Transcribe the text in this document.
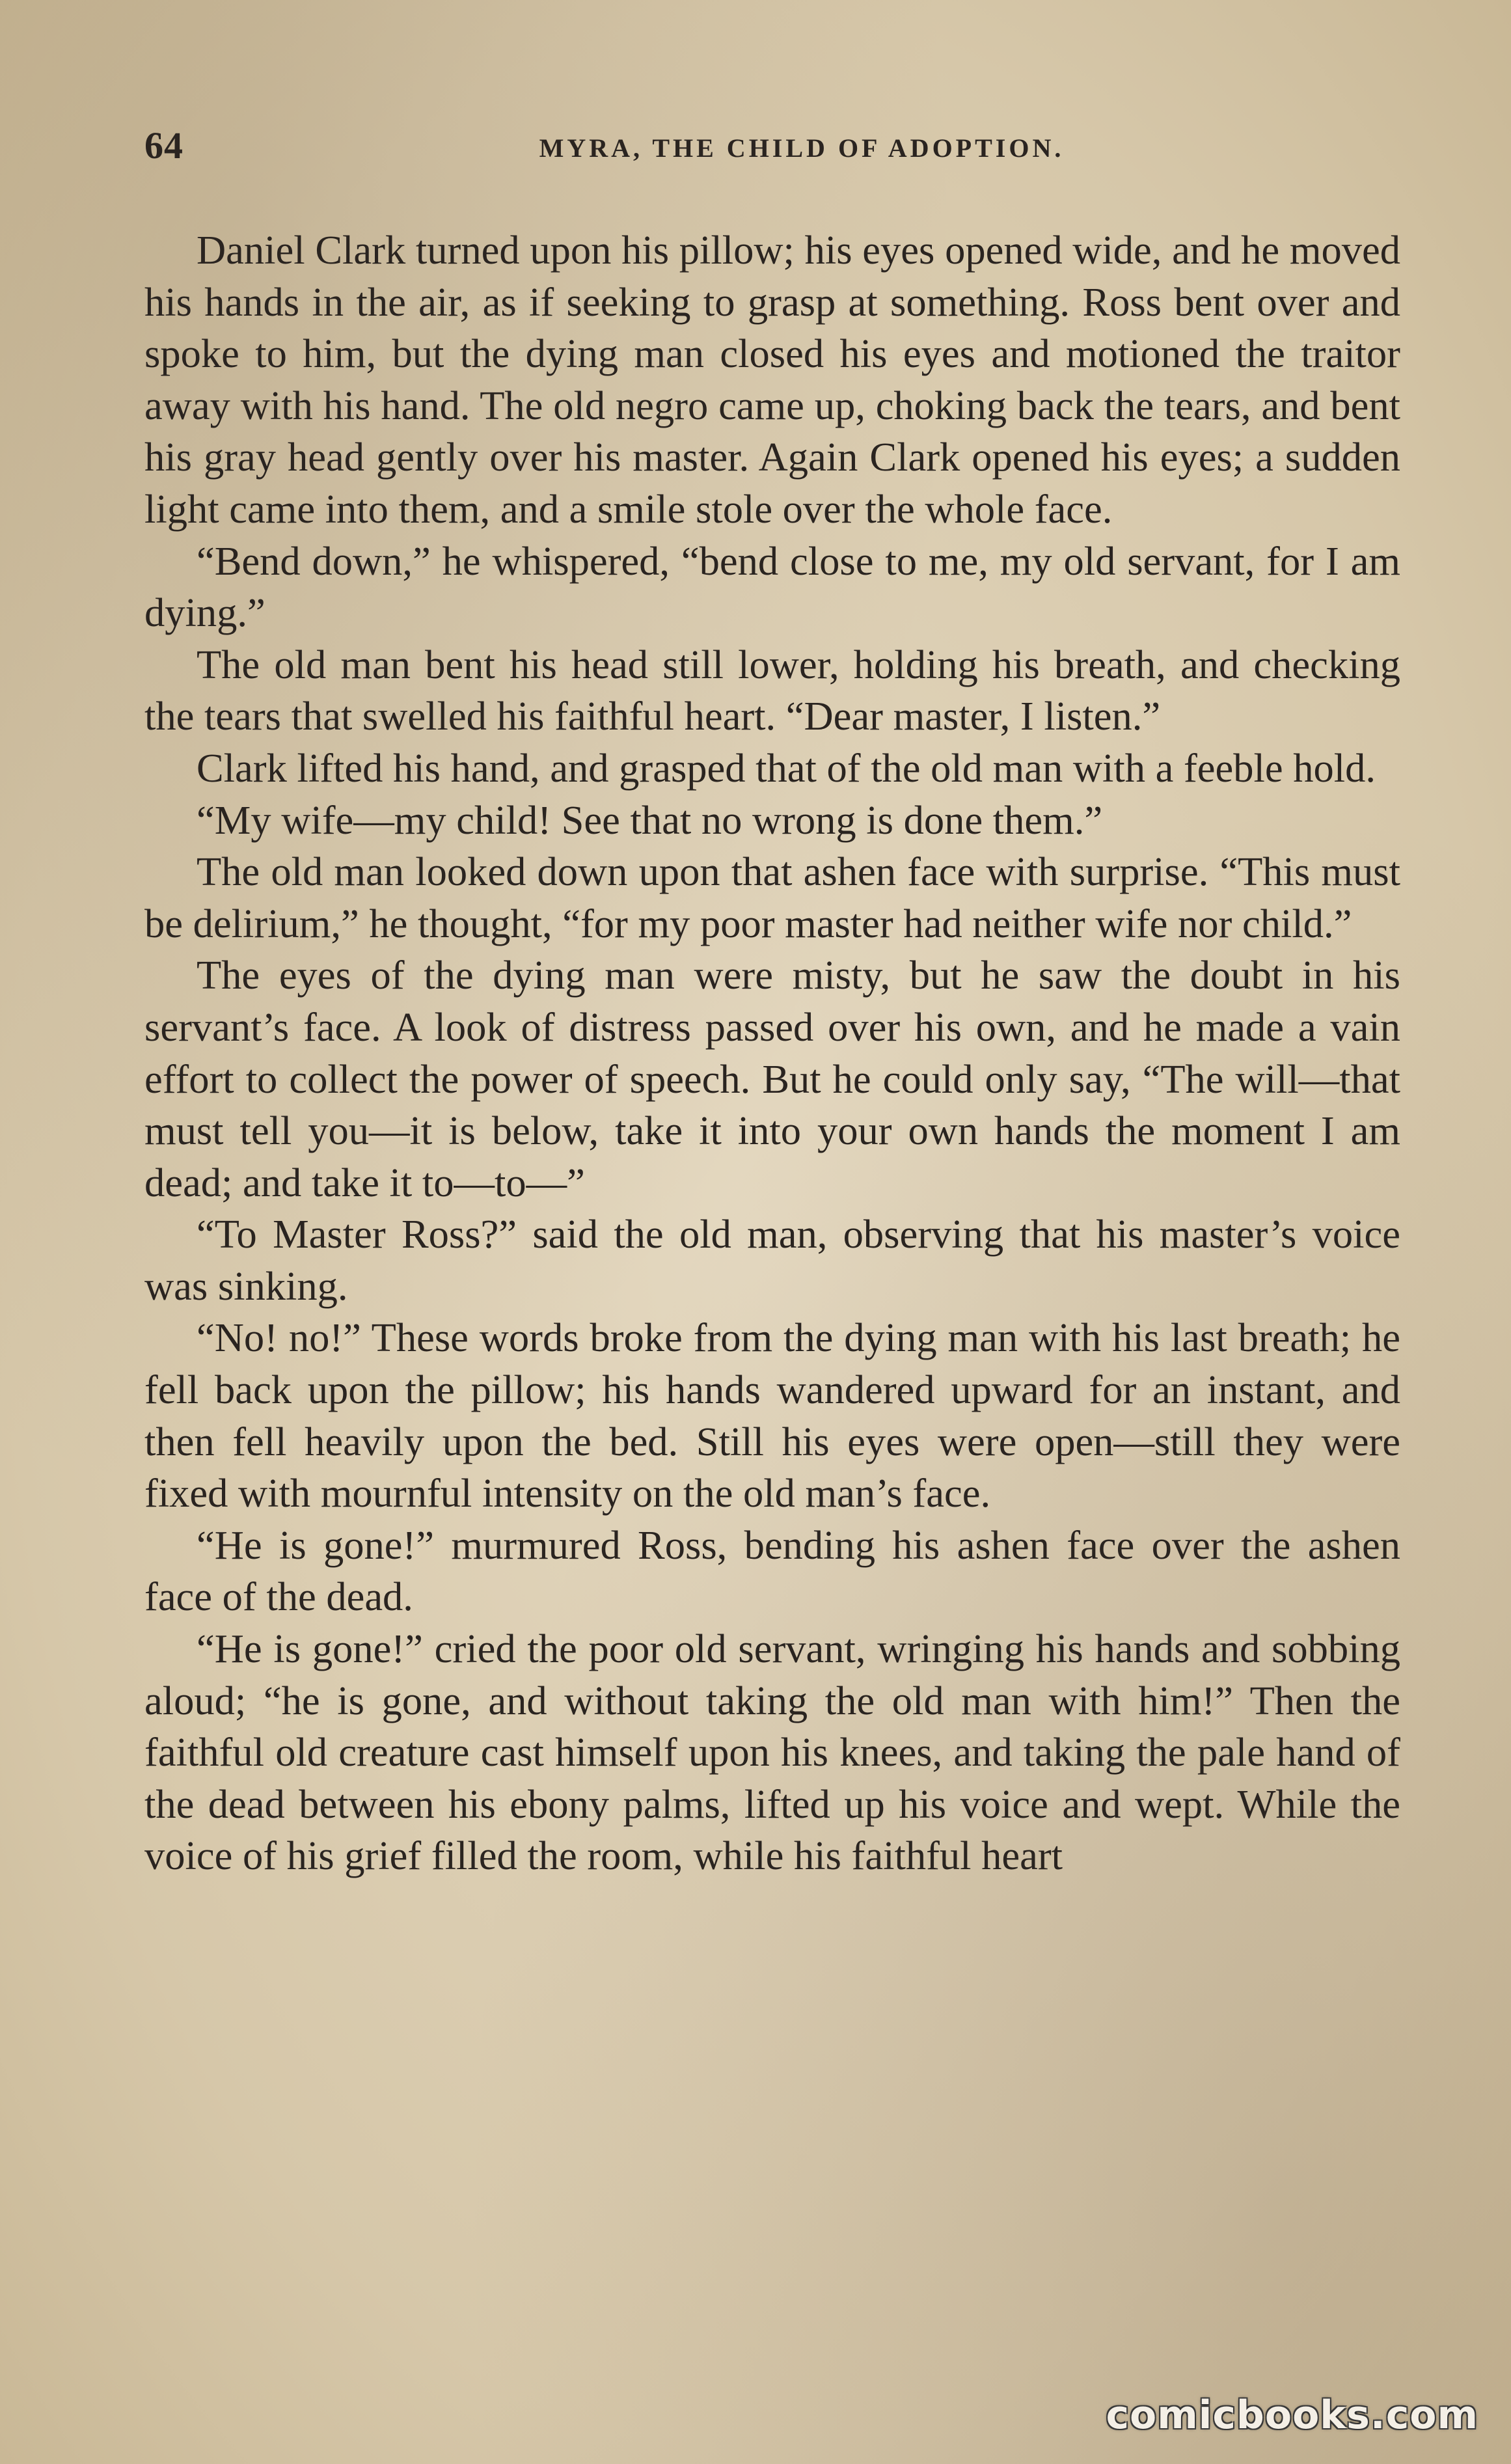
64	MYRA, THE CHILD OF ADOPTION.

Daniel Clark turned upon his pillow; his eyes opened wide, and he moved his hands in the air, as if seeking to grasp at something. Ross bent over and spoke to him, but the dying man closed his eyes and motioned the traitor away with his hand. The old negro came up, choking back the tears, and bent his gray head gently over his master. Again Clark opened his eyes; a sudden light came into them, and a smile stole over the whole face.

“Bend down,” he whispered, “bend close to me, my old servant, for I am dying.”

The old man bent his head still lower, holding his breath, and checking the tears that swelled his faithful heart. “Dear master, I listen.”

Clark lifted his hand, and grasped that of the old man with a feeble hold.

“My wife—my child! See that no wrong is done them.”

The old man looked down upon that ashen face with surprise. “This must be delirium,” he thought, “for my poor master had neither wife nor child.”

The eyes of the dying man were misty, but he saw the doubt in his servant’s face. A look of distress passed over his own, and he made a vain effort to collect the power of speech. But he could only say, “The will—that must tell you—it is below, take it into your own hands the moment I am dead; and take it to—to—”

“To Master Ross?” said the old man, observing that his master’s voice was sinking.

“No! no!” These words broke from the dying man with his last breath; he fell back upon the pillow; his hands wandered upward for an instant, and then fell heavily upon the bed. Still his eyes were open—still they were fixed with mournful intensity on the old man’s face.

“He is gone!” murmured Ross, bending his ashen face over the ashen face of the dead.

“He is gone!” cried the poor old servant, wringing his hands and sobbing aloud; “he is gone, and without taking the old man with him!” Then the faithful old creature cast himself upon his knees, and taking the pale hand of the dead between his ebony palms, lifted up his voice and wept. While the voice of his grief filled the room, while his faithful heart

comicbooks.com
